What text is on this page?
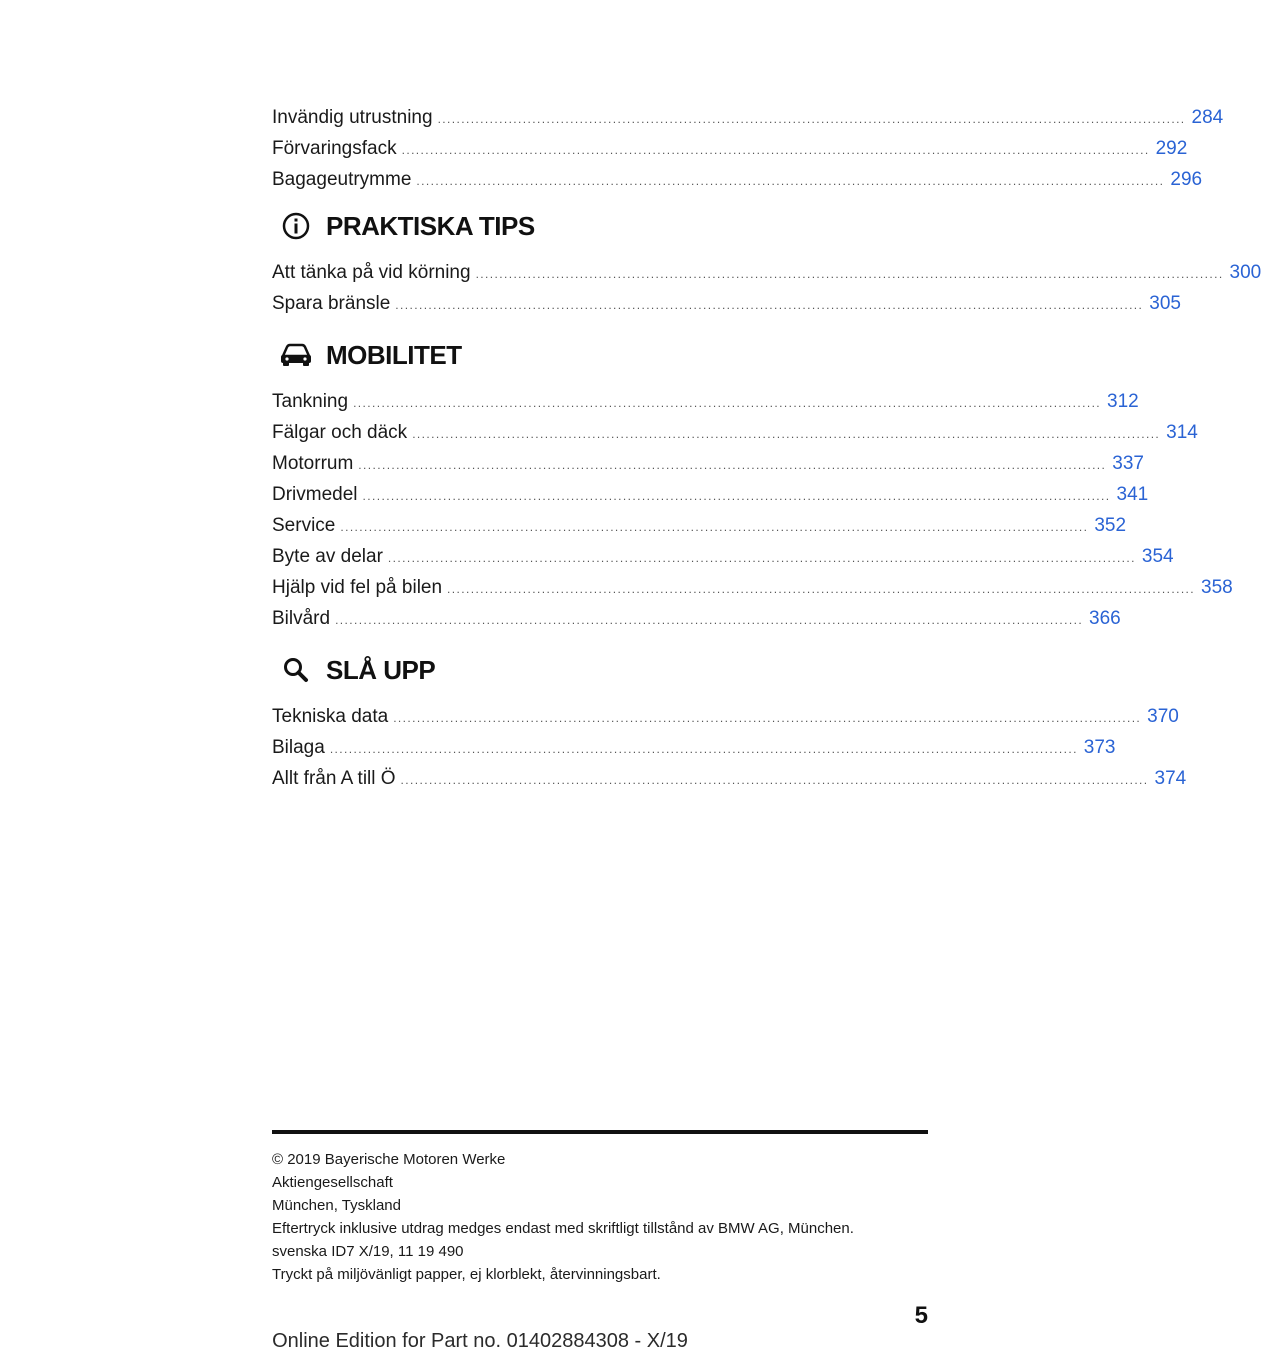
Invändig utrustning .............................................................................................................................................................. 284
Förvaringsfack .............................................................................................................................................................. 292
Bagageutrymme .............................................................................................................................................................. 296
PRAKTISKA TIPS
Att tänka på vid körning .............................................................................................................................................................. 300
Spara bränsle .............................................................................................................................................................. 305
MOBILITET
Tankning .............................................................................................................................................................. 312
Fälgar och däck .............................................................................................................................................................. 314
Motorrum .............................................................................................................................................................. 337
Drivmedel .............................................................................................................................................................. 341
Service .............................................................................................................................................................. 352
Byte av delar .............................................................................................................................................................. 354
Hjälp vid fel på bilen .............................................................................................................................................................. 358
Bilvård .............................................................................................................................................................. 366
SLÅ UPP
Tekniska data .............................................................................................................................................................. 370
Bilaga .............................................................................................................................................................. 373
Allt från A till Ö .............................................................................................................................................................. 374
© 2019 Bayerische Motoren Werke
Aktiengesellschaft
München, Tyskland
Eftertryck inklusive utdrag medges endast med skriftligt tillstånd av BMW AG, München.
svenska ID7 X/19, 11 19 490
Tryckt på miljövänligt papper, ej klorblekt, återvinningsbart.
5
Online Edition for Part no. 01402884308 - X/19
